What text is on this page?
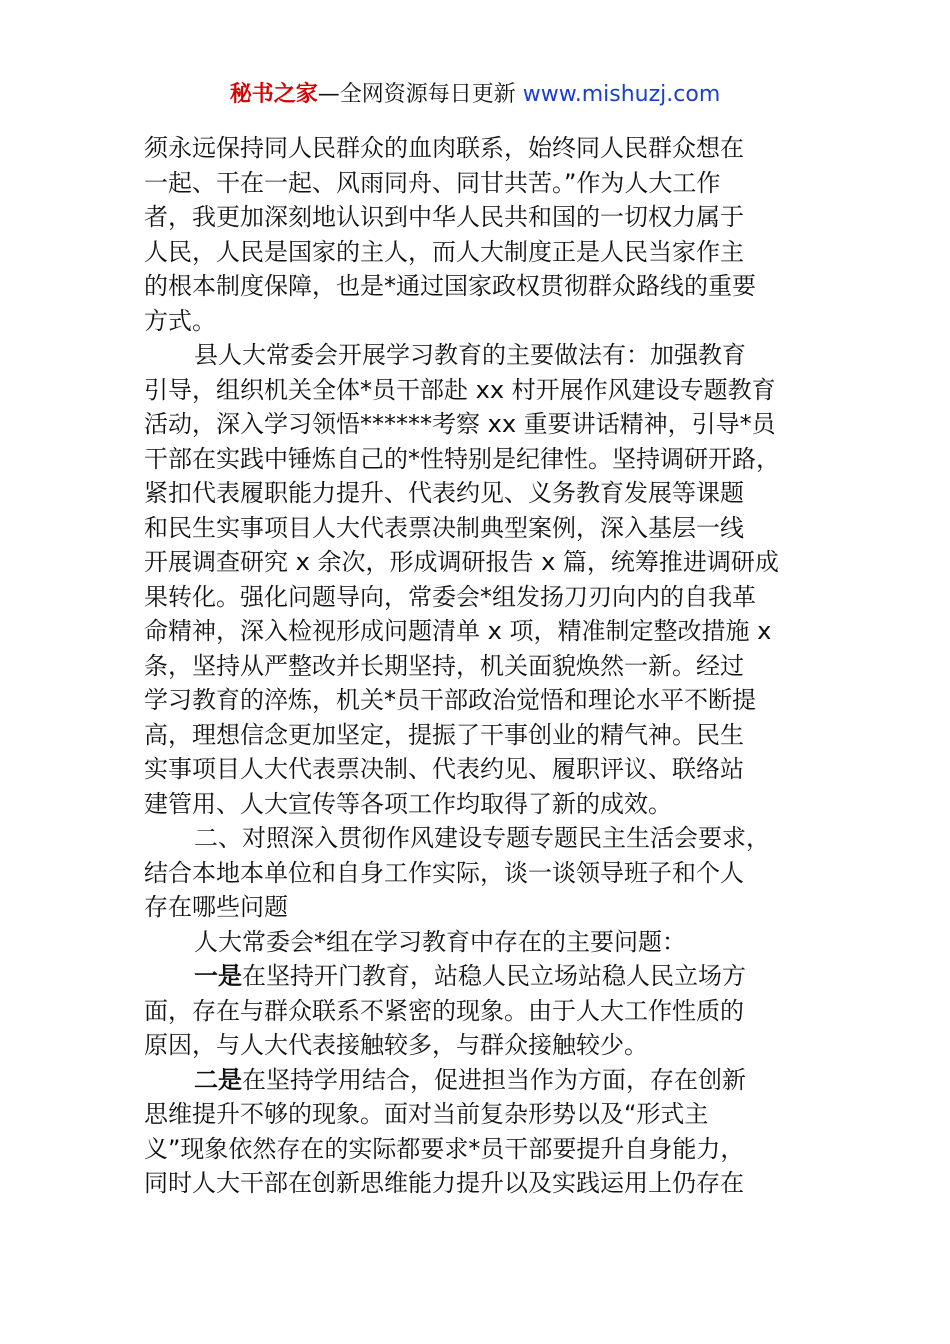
秘书之家—全网资源每日更新 www.mishuzj.com
须永远保持同人民群众的血肉联系，始终同人民群众想在
一起、干在一起、风雨同舟、同甘共苦。”作为人大工作
者，我更加深刻地认识到中华人民共和国的一切权力属于
人民，人民是国家的主人，而人大制度正是人民当家作主
的根本制度保障，也是*通过国家政权贯彻群众路线的重要
方式。
县人大常委会开展学习教育的主要做法有：加强教育
引导，组织机关全体*员干部赴 xx 村开展作风建设专题教育
活动，深入学习领悟******考察 xx 重要讲话精神，引导*员
干部在实践中锤炼自己的*性特别是纪律性。坚持调研开路，
紧扣代表履职能力提升、代表约见、义务教育发展等课题
和民生实事项目人大代表票决制典型案例，深入基层一线
开展调查研究 x 余次，形成调研报告 x 篇，统筹推进调研成
果转化。强化问题导向，常委会*组发扬刀刃向内的自我革
命精神，深入检视形成问题清单 x 项，精准制定整改措施 x
条，坚持从严整改并长期坚持，机关面貌焕然一新。经过
学习教育的淬炼，机关*员干部政治觉悟和理论水平不断提
高，理想信念更加坚定，提振了干事创业的精气神。民生
实事项目人大代表票决制、代表约见、履职评议、联络站
建管用、人大宣传等各项工作均取得了新的成效。
二、对照深入贯彻作风建设专题专题民主生活会要求，
结合本地本单位和自身工作实际，谈一谈领导班子和个人
存在哪些问题
人大常委会*组在学习教育中存在的主要问题：
一是在坚持开门教育，站稳人民立场站稳人民立场方
面，存在与群众联系不紧密的现象。由于人大工作性质的
原因，与人大代表接触较多，与群众接触较少。
二是在坚持学用结合，促进担当作为方面，存在创新
思维提升不够的现象。面对当前复杂形势以及“形式主
义”现象依然存在的实际都要求*员干部要提升自身能力，
同时人大干部在创新思维能力提升以及实践运用上仍存在
